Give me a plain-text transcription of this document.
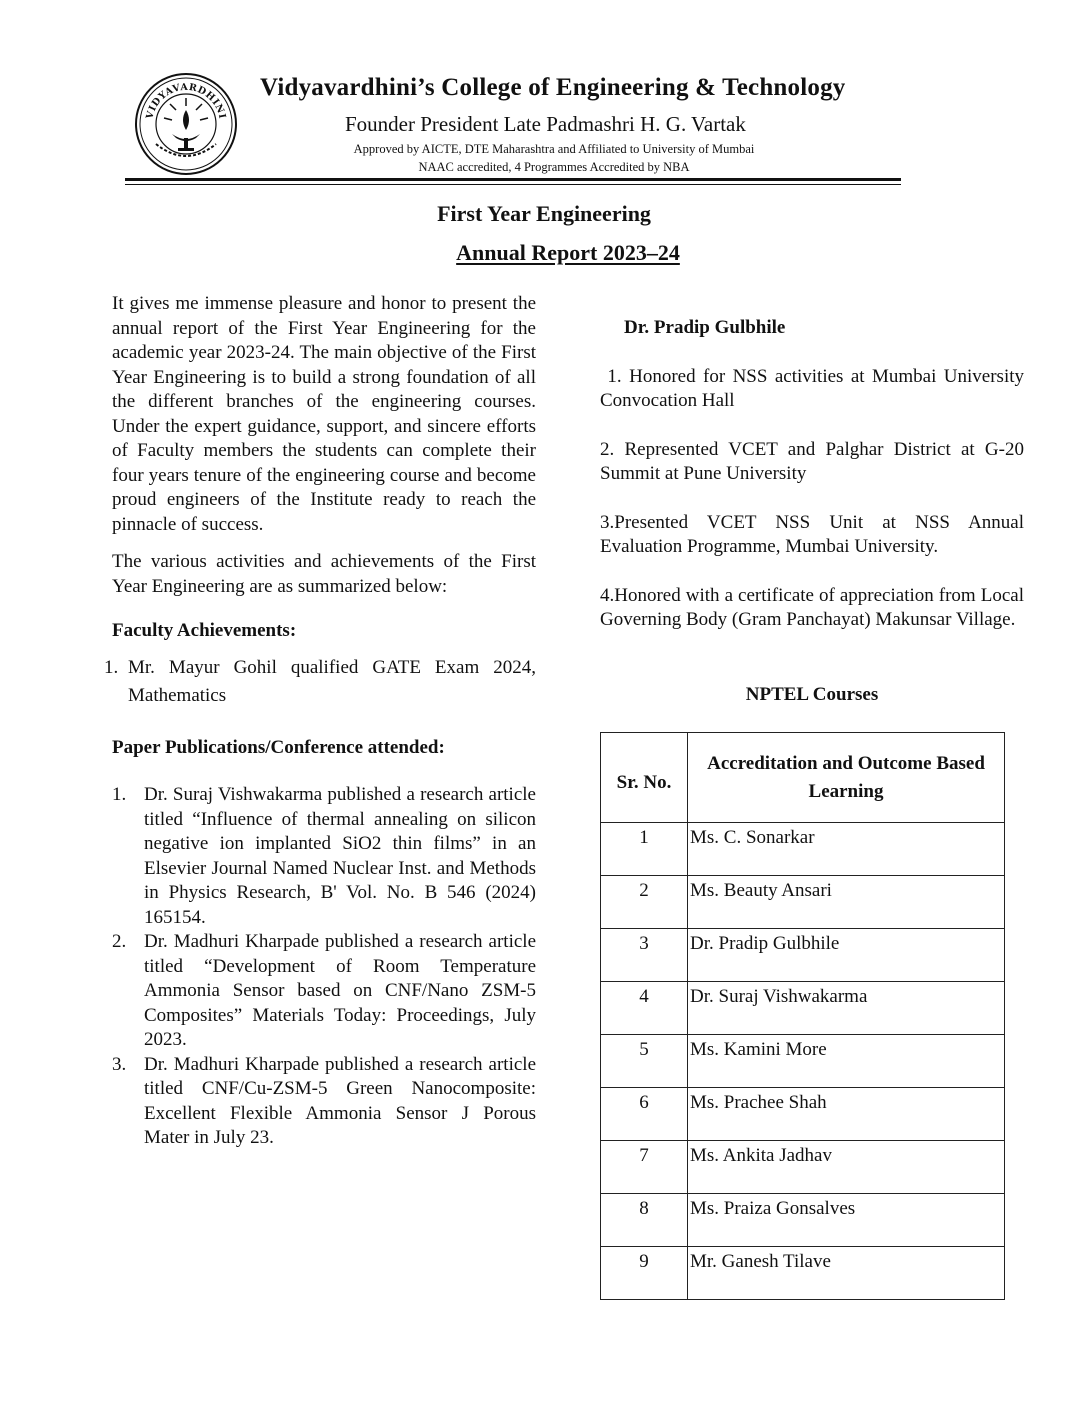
VIDYAVARDHINI
Vidyavardhini’s College of Engineering & Technology
Founder President Late Padmashri H. G. Vartak
Approved by AICTE, DTE Maharashtra and Affiliated to University of Mumbai
NAAC accredited, 4 Programmes Accredited by NBA
First Year Engineering
Annual Report 2023–24

It gives me immense pleasure and honor to present the annual report of the First Year Engineering for the academic year 2023-24. The main objective of the First Year Engineering is to build a strong foundation of all the different branches of the engineering courses. Under the expert guidance, support, and sincere efforts of Faculty members the students can complete their four years tenure of the engineering course and become proud engineers of the Institute ready to reach the pinnacle of success.

The various activities and achievements of the First Year Engineering are as summarized below:

Faculty Achievements:

1. Mr. Mayur Gohil qualified GATE Exam 2024, Mathematics

Paper Publications/Conference attended:

1. Dr. Suraj Vishwakarma published a research article titled “Influence of thermal annealing on silicon negative ion implanted SiO2 thin films” in an Elsevier Journal Named Nuclear Inst. and Methods in Physics Research, B' Vol. No. B 546 (2024) 165154.
2. Dr. Madhuri Kharpade published a research article titled “Development of Room Temperature Ammonia Sensor based on CNF/Nano ZSM-5 Composites” Materials Today: Proceedings, July 2023.
3. Dr. Madhuri Kharpade published a research article titled CNF/Cu-ZSM-5 Green Nanocomposite: Excellent Flexible Ammonia Sensor J Porous Mater in July 23.

Dr. Pradip Gulbhile

1. Honored for NSS activities at Mumbai University Convocation Hall

2. Represented VCET and Palghar District at G-20 Summit at Pune University

3.Presented VCET NSS Unit at NSS Annual Evaluation Programme, Mumbai University.

4.Honored with a certificate of appreciation from Local Governing Body (Gram Panchayat) Makunsar Village.

NPTEL Courses
Sr. No.	Accreditation and Outcome Based Learning
1	Ms. C. Sonarkar
2	Ms. Beauty Ansari
3	Dr. Pradip Gulbhile
4	Dr. Suraj Vishwakarma
5	Ms. Kamini More
6	Ms. Prachee Shah
7	Ms. Ankita Jadhav
8	Ms. Praiza Gonsalves
9	Mr. Ganesh Tilave
